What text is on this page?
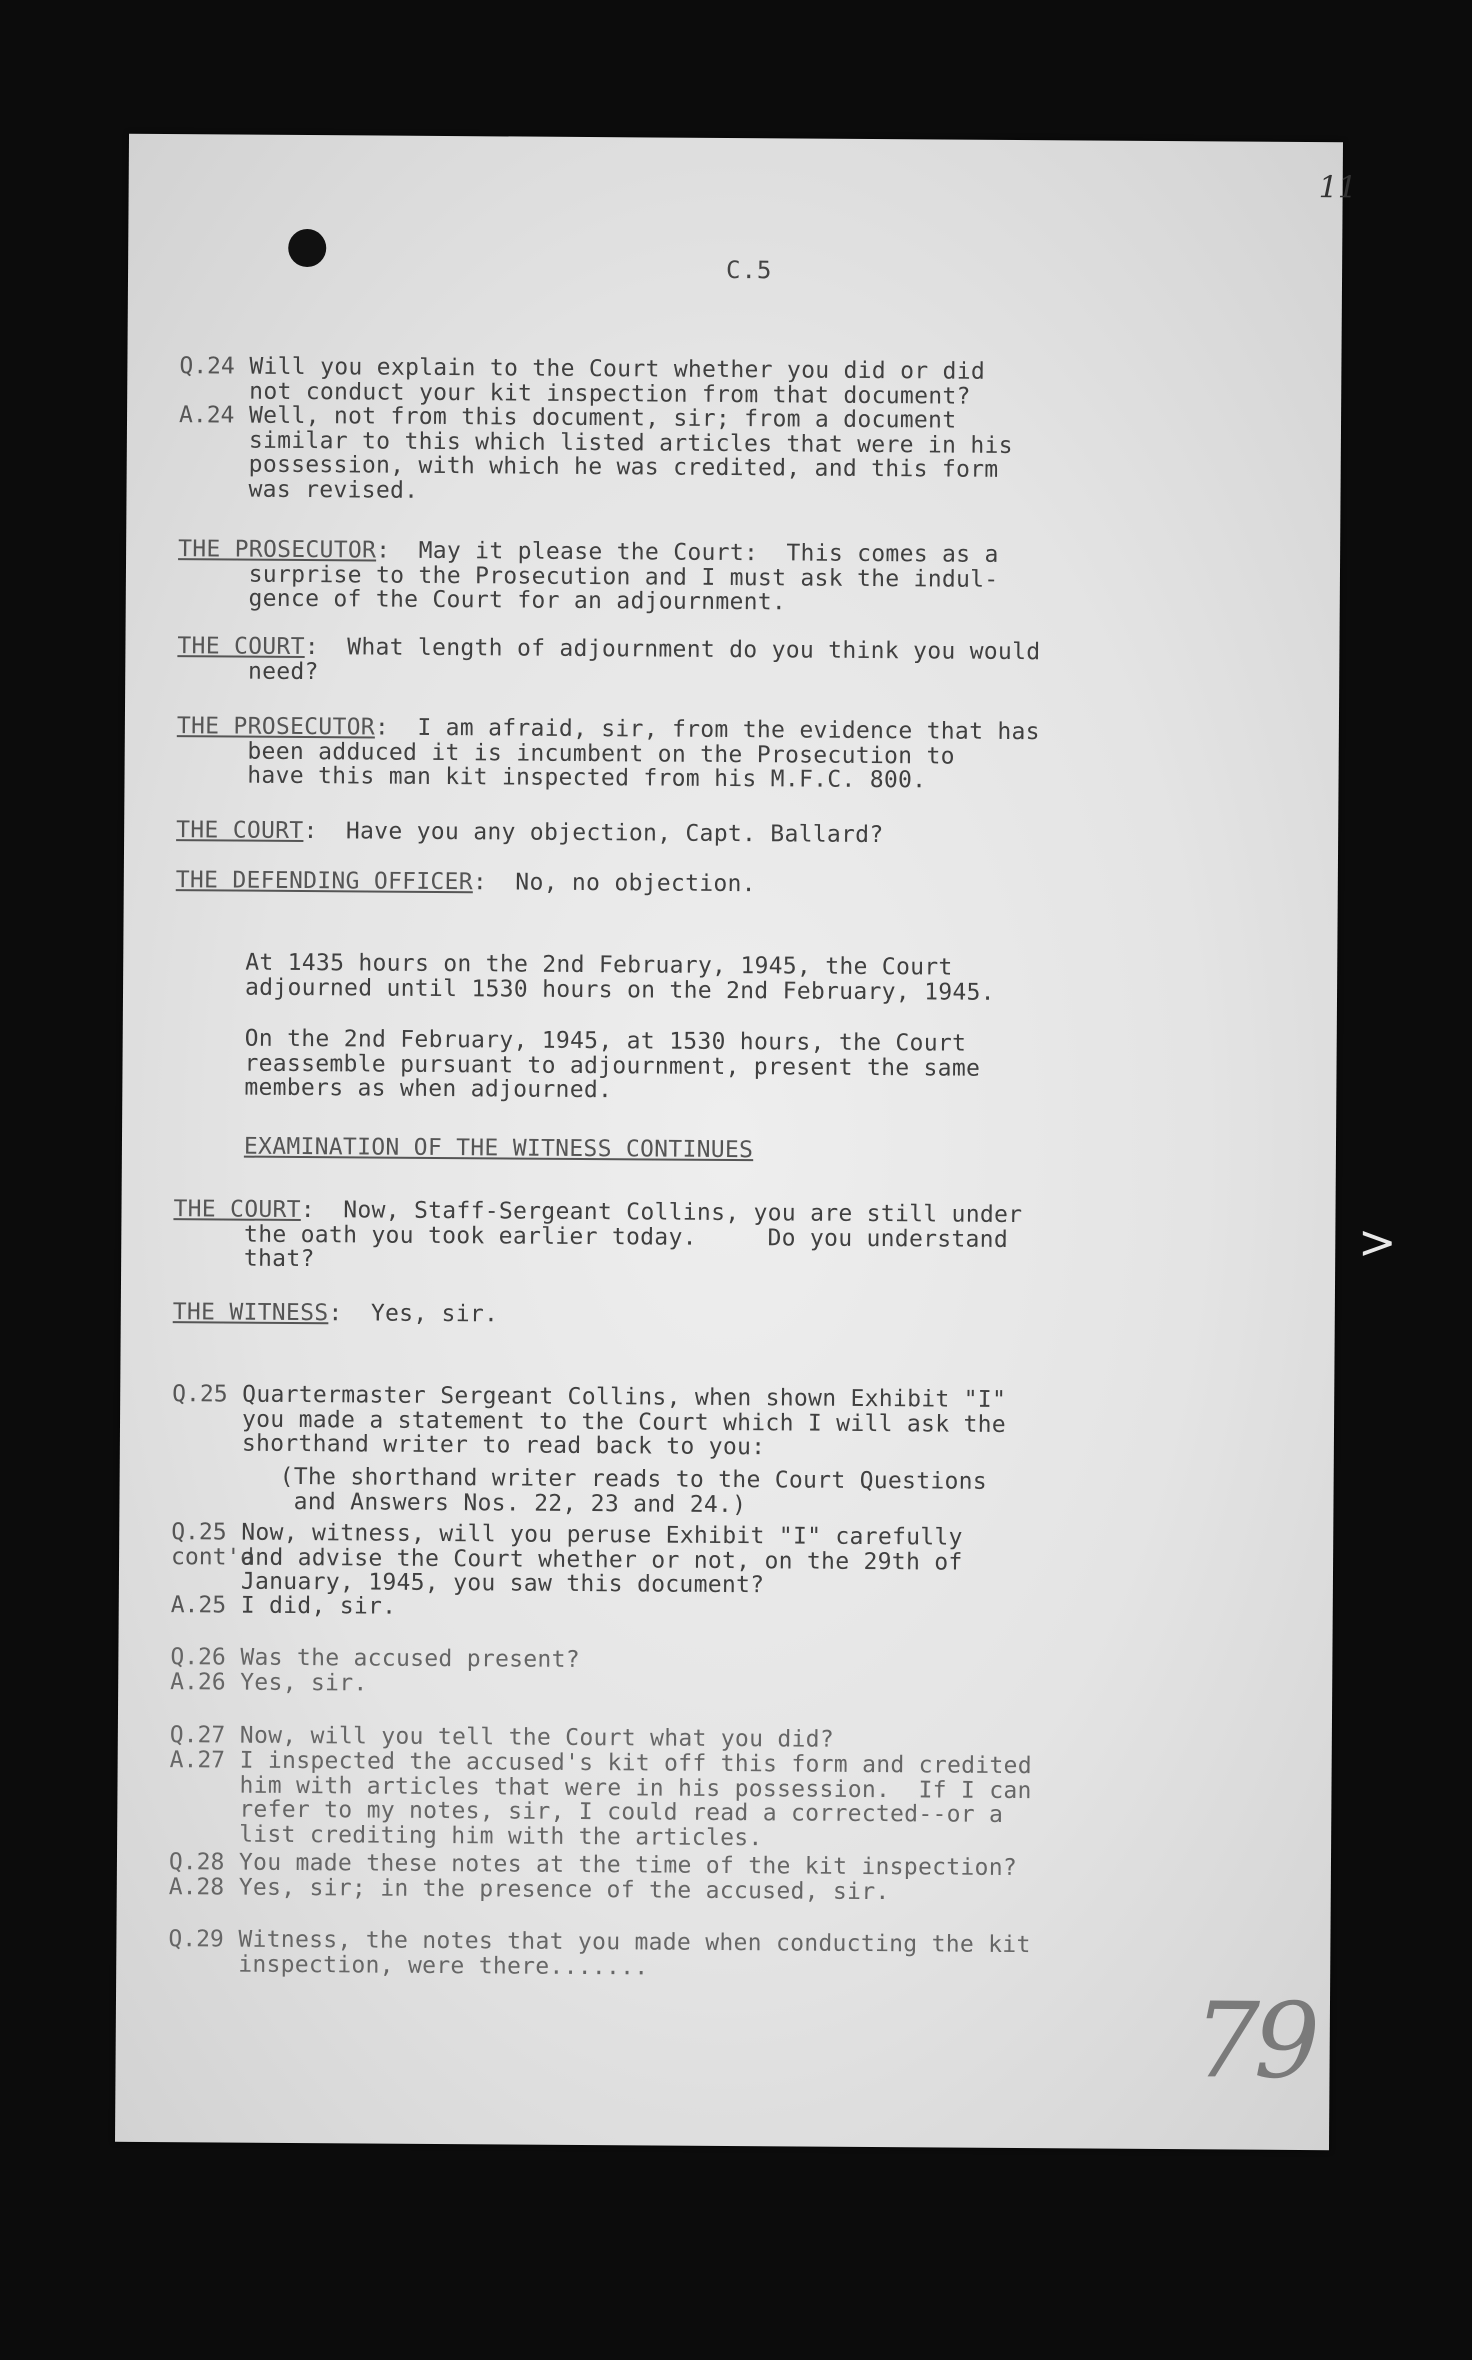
11
C.5
Q.24 Will you explain to the Court whether you did or did
not conduct your kit inspection from that document?
A.24 Well, not from this document, sir; from a document
similar to this which listed articles that were in his
possession, with which he was credited, and this form
was revised.
THE PROSECUTOR:  May it please the Court:  This comes as a
surprise to the Prosecution and I must ask the indul-
gence of the Court for an adjournment.
THE COURT:  What length of adjournment do you think you would
need?
THE PROSECUTOR:  I am afraid, sir, from the evidence that has
been adduced it is incumbent on the Prosecution to
have this man kit inspected from his M.F.C. 800.
THE COURT:  Have you any objection, Capt. Ballard?
THE DEFENDING OFFICER:  No, no objection.
At 1435 hours on the 2nd February, 1945, the Court
adjourned until 1530 hours on the 2nd February, 1945.
On the 2nd February, 1945, at 1530 hours, the Court
reassemble pursuant to adjournment, present the same
members as when adjourned.
EXAMINATION OF THE WITNESS CONTINUES
THE COURT:  Now, Staff-Sergeant Collins, you are still under
the oath you took earlier today.     Do you understand
that?
THE WITNESS:  Yes, sir.
Q.25 Quartermaster Sergeant Collins, when shown Exhibit "I"
you made a statement to the Court which I will ask the
shorthand writer to read back to you:
(The shorthand writer reads to the Court Questions
and Answers Nos. 22, 23 and 24.)
Q.25
cont'd
Now, witness, will you peruse Exhibit "I" carefully
and advise the Court whether or not, on the 29th of
January, 1945, you saw this document?
A.25 I did, sir.
Q.26 Was the accused present?
A.26 Yes, sir.
Q.27 Now, will you tell the Court what you did?
A.27 I inspected the accused's kit off this form and credited
him with articles that were in his possession.  If I can
refer to my notes, sir, I could read a corrected--or a
list crediting him with the articles.
Q.28 You made these notes at the time of the kit inspection?
A.28 Yes, sir; in the presence of the accused, sir.
Q.29 Witness, the notes that you made when conducting the kit
inspection, were there.......
79
>
